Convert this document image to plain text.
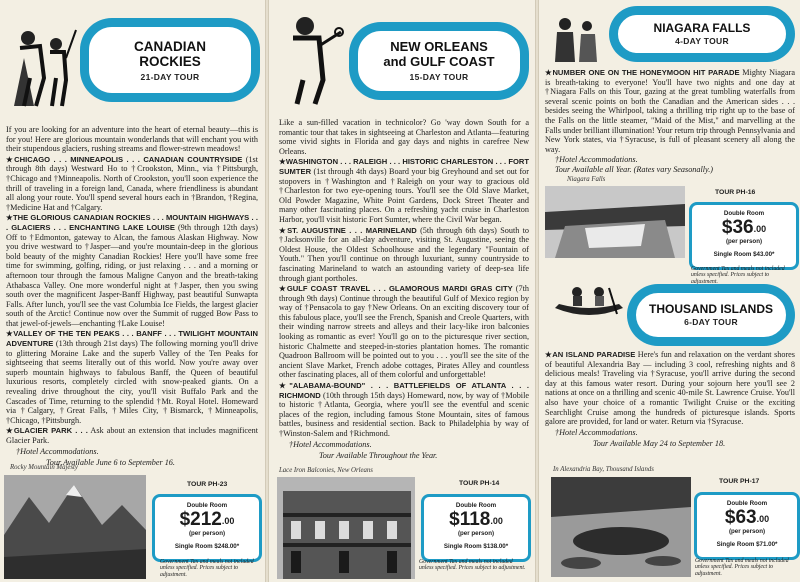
CANADIAN
ROCKIES
21-DAY TOUR

If you are looking for an adventure into the heart of eternal beauty—this is for you! Here are glorious mountain wonderlands that will enchant you with their stupendous glaciers, rushing streams and flower-strewn meadows!

★CHICAGO . . . MINNEAPOLIS . . . CANADIAN COUNTRYSIDE (1st through 8th days) Westward Ho to †Crookston, Minn., via †Pittsburgh, †Chicago and †Minneapolis. North of Crookston, you'll soon experience the thrill of traveling in a foreign land, Canada, where friendliness is abundant all along your route. You'll spend several hours each in †Brandon, †Regina, †Medicine Hat and †Calgary.

★THE GLORIOUS CANADIAN ROCKIES . . . MOUNTAIN HIGHWAYS . . . GLACIERS . . . ENCHANTING LAKE LOUISE (9th through 12th days) Off to †Edmonton, gateway to Alcan, the famous Alaskan Highway. Now you drive westward to †Jasper—and you're mountain-deep in the glorious bold beauty of the mighty Canadian Rockies! Here you'll have some free time for swimming, golfing, riding, or just relaxing . . . and a morning or afternoon tour through the famous Maligne Canyon and the breath-taking Athabasca Valley. One more wonderful night at †Jasper, then you swing south over the magnificent Jasper-Banff Highway, past beautiful Sunwapta Falls. After lunch, you'll see the vast Columbia Ice Fields, the largest glacier south of the Arctic! Continue now over the Summit of rugged Bow Pass to that jewel-of-jewels—enchanting †Lake Louise!

★VALLEY OF THE TEN PEAKS . . . BANFF . . . TWILIGHT MOUNTAIN ADVENTURE (13th through 21st days) The following morning you'll drive to glittering Moraine Lake and the superb Valley of the Ten Peaks for sightseeing that seems literally out of this world. Now you're away over superb mountain highways to fabulous Banff, the Queen of beautiful luxurious resorts, completely circled with snow-peaked giants. On a revealing drive throughout the city, you'll visit Buffalo Park and the Cascades of Time, returning to the splendid †Mt. Royal Hotel. Homeward via †Calgary, †Great Falls, †Miles City, †Bismarck, †Minneapolis, †Chicago, †Pittsburgh.

★GLACIER PARK . . . Ask about an extension that includes magnificent Glacier Park.

†Hotel Accommodations.
Tour Available June 6 to September 16.
Rocky Mountain Majesty
TOUR PH-23
Double Room
$\$212^{.00}$
(per person)
Single Room $248.00*
Government Tax and meals not included unless specified. Prices subject to adjustment.
NEW ORLEANS
and GULF COAST
15-DAY TOUR

Like a sun-filled vacation in technicolor? Go 'way down South for a romantic tour that takes in sightseeing at Charleston and Atlanta—featuring some vivid sights in Florida and gay days and nights in carefree New Orleans.

★WASHINGTON . . . RALEIGH . . . HISTORIC CHARLESTON . . . FORT SUMTER (1st through 4th days) Board your big Greyhound and set out for stopovers in †Washington and †Raleigh on your way to gracious old †Charleston for two eye-opening tours. You'll see the Old Slave Market, Old Powder Magazine, White Point Gardens, Dock Street Theater and many other fascinating places. On a refreshing yacht cruise in Charleston Harbor, you'll visit historic Fort Sumter, where the Civil War began.

★ST. AUGUSTINE . . . MARINELAND (5th through 6th days) South to †Jacksonville for an all-day adventure, visiting St. Augustine, seeing the Oldest House, the Oldest Schoolhouse and the legendary "Fountain of Youth." Then you'll continue on through luxuriant, sunny countryside to fascinating Marineland to watch an astounding variety of deep-sea life through giant portholes.

★GULF COAST TRAVEL . . . GLAMOROUS MARDI GRAS CITY (7th through 9th days) Continue through the beautiful Gulf of Mexico region by way of †Pensacola to gay †New Orleans. On an exciting discovery tour of this fabulous place, you'll see the French, Spanish and Creole Quarters, with their winding narrow streets and alleys and their lacy-like iron balconies looking as romantic as ever! You'll go on to the picturesque river section, historic Chalmette and steeped-in-stories plantation homes. The romantic Quadroon Ballroom will be pointed out to you . . . you'll see the site of the ancient Slave Market, French adobe cottages, Pirates Alley and countless other fascinating places, all of them colorful and unforgettable!

★"ALABAMA-BOUND" . . . BATTLEFIELDS OF ATLANTA . . . RICHMOND (10th through 15th days) Homeward, now, by way of †Mobile to historic †Atlanta, Georgia, where you'll see the eventful and scenic places of the region, including famous Stone Mountain, sites of famous battles, business and residential section. Back to Philadelphia by way of †Winston-Salem and †Richmond.

†Hotel Accommodations.
Tour Available Throughout the Year.
Lace Iron Balconies, New Orleans
TOUR PH-14
Double Room
$\$118^{.00}$
(per person)
Single Room $138.00*
Government Tax and meals not included unless specified. Prices subject to adjustment.
NIAGARA FALLS
4-DAY TOUR

★NUMBER ONE ON THE HONEYMOON HIT PARADE Mighty Niagara is breath-taking to everyone! You'll have two nights and one day at †Niagara Falls on this Tour, gazing at the great tumbling waterfalls from several scenic points on both the Canadian and the American sides . . . besides seeing the Whirlpool, taking a thrilling trip right up to the base of the Falls on the little steamer, "Maid of the Mist," and marvelling at the Falls under brilliant illumination! Your return trip through Pennsylvania and New York states, via †Syracuse, is full of pleasant scenery all along the way.

†Hotel Accommodations.
Tour Available all Year. (Rates vary Seasonally.)
Niagara Falls
TOUR PH-16
Double Room
$\$36^{.00}$
(per person)
Single Room $43.00*
Government Tax and meals not included unless specified. Prices subject to adjustment.
THOUSAND ISLANDS
6-DAY TOUR

★AN ISLAND PARADISE Here's fun and relaxation on the verdant shores of beautiful Alexandria Bay — including 3 cool, refreshing nights and 8 delicious meals! Traveling via †Syracuse, you'll arrive during the second day at this famous water resort. During your sojourn here you'll see 2 nations at once on a thrilling and scenic 40-mile St. Lawrence Cruise. You'll also have your choice of a romantic Twilight Cruise or the exciting Searchlight Cruise among the hundreds of picturesque islands. Sports galore are provided, for land or water. Return via †Syracuse.

†Hotel Accommodations.
Tour Available May 24 to September 18.
In Alexandria Bay, Thousand Islands
TOUR PH-17
Double Room
$\$63^{.00}$
(per person)
Single Room $71.00*
Government Tax and meals not included unless specified. Prices subject to adjustment.
